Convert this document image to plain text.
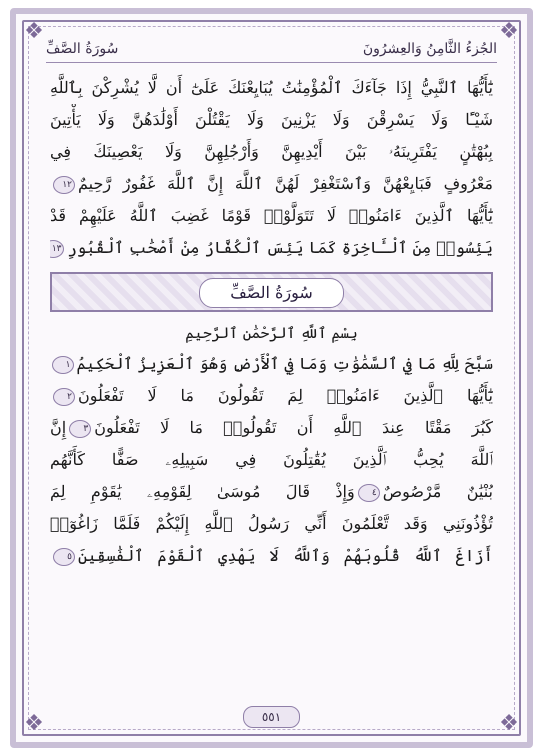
❖	❖
❖	❖
الجُزءُ الثَّامِنُ وَالعِشرُونَ
سُورَةُ الصَّفِّ
يَٰٓأَيُّهَا ٱلنَّبِيُّ إِذَا جَآءَكَ ٱلْمُؤْمِنَٰتُ يُبَايِعْنَكَ عَلَىٰٓ أَن لَّا يُشْرِكْنَ بِٱللَّهِ
شَيْـًٔا وَلَا يَسْرِقْنَ وَلَا يَزْنِينَ وَلَا يَقْتُلْنَ أَوْلَٰدَهُنَّ وَلَا يَأْتِينَ
بِبُهْتَٰنٍ يَفْتَرِينَهُۥ بَيْنَ أَيْدِيهِنَّ وَأَرْجُلِهِنَّ وَلَا يَعْصِينَكَ فِي
مَعْرُوفٍ فَبَايِعْهُنَّ وَٱسْتَغْفِرْ لَهُنَّ ٱللَّهَ إِنَّ ٱللَّهَ غَفُورٌ رَّحِيمٌ١٢
يَٰٓأَيُّهَا ٱلَّذِينَ ءَامَنُوا۟ لَا تَتَوَلَّوْا۟ قَوْمًا غَضِبَ ٱللَّهُ عَلَيْهِمْ قَدْ
يَئِسُوا۟ مِنَ ٱلْـَٔاخِرَةِ كَمَا يَئِسَ ٱلْكُفَّارُ مِنْ أَصْحَٰبِ ٱلْقُبُورِ١٣
سُورَةُ الصَّفِّ
بِسْمِ ٱللَّهِ ٱلرَّحْمَٰنِ ٱلرَّحِيمِ
سَبَّحَ لِلَّهِ مَا فِي ٱلسَّمَٰوَٰتِ وَمَا فِي ٱلْأَرْضِ وَهُوَ ٱلْعَزِيزُ ٱلْحَكِيمُ١
يَٰٓأَيُّهَا ٱلَّذِينَ ءَامَنُوا۟ لِمَ تَقُولُونَ مَا لَا تَفْعَلُونَ٢
كَبُرَ مَقْتًا عِندَ ٱللَّهِ أَن تَقُولُوا۟ مَا لَا تَفْعَلُونَ٣إِنَّ
ٱللَّهَ يُحِبُّ ٱلَّذِينَ يُقَٰتِلُونَ فِي سَبِيلِهِۦ صَفًّا كَأَنَّهُم
بُنْيَٰنٌ مَّرْصُوصٌ٤وَإِذْ قَالَ مُوسَىٰ لِقَوْمِهِۦ يَٰقَوْمِ لِمَ
تُؤْذُونَنِي وَقَد تَّعْلَمُونَ أَنِّي رَسُولُ ٱللَّهِ إِلَيْكُمْ فَلَمَّا زَاغُوٓا۟
أَزَاغَ ٱللَّهُ قُلُوبَهُمْ وَٱللَّهُ لَا يَهْدِي ٱلْقَوْمَ ٱلْفَٰسِقِينَ٥
٥٥١
